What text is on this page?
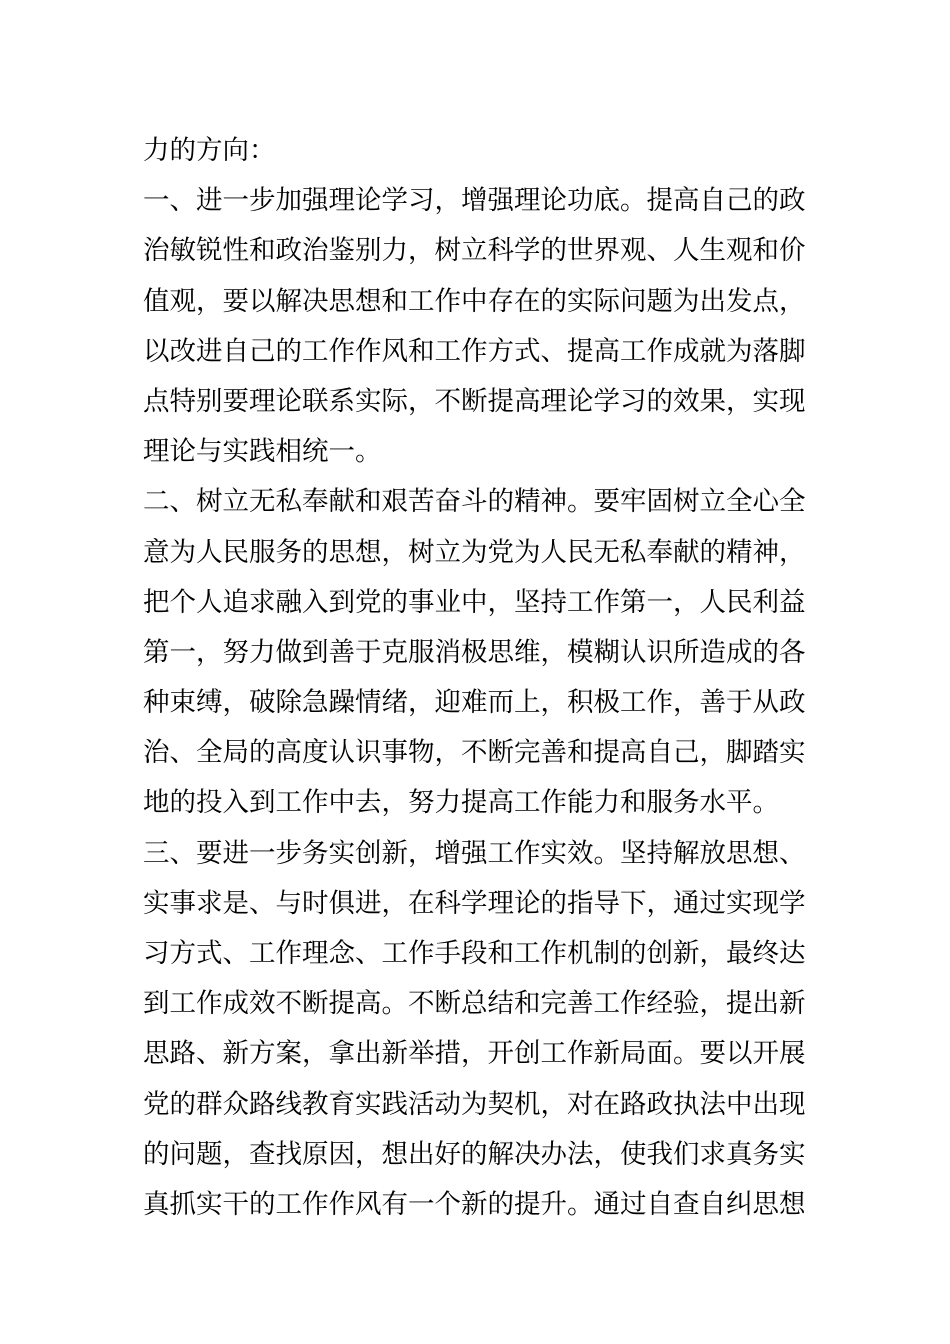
力的方向：
一、进一步加强理论学习，增强理论功底。提高自己的政
治敏锐性和政治鉴别力，树立科学的世界观、人生观和价
值观，要以解决思想和工作中存在的实际问题为出发点，
以改进自己的工作作风和工作方式、提高工作成就为落脚
点特别要理论联系实际，不断提高理论学习的效果，实现
理论与实践相统一。
二、树立无私奉献和艰苦奋斗的精神。要牢固树立全心全
意为人民服务的思想，树立为党为人民无私奉献的精神，
把个人追求融入到党的事业中，坚持工作第一，人民利益
第一，努力做到善于克服消极思维，模糊认识所造成的各
种束缚，破除急躁情绪，迎难而上，积极工作，善于从政
治、全局的高度认识事物，不断完善和提高自己，脚踏实
地的投入到工作中去，努力提高工作能力和服务水平。
三、要进一步务实创新，增强工作实效。坚持解放思想、
实事求是、与时俱进，在科学理论的指导下，通过实现学
习方式、工作理念、工作手段和工作机制的创新，最终达
到工作成效不断提高。不断总结和完善工作经验，提出新
思路、新方案，拿出新举措，开创工作新局面。要以开展
党的群众路线教育实践活动为契机，对在路政执法中出现
的问题，查找原因，想出好的解决办法，使我们求真务实
真抓实干的工作作风有一个新的提升。通过自查自纠思想
